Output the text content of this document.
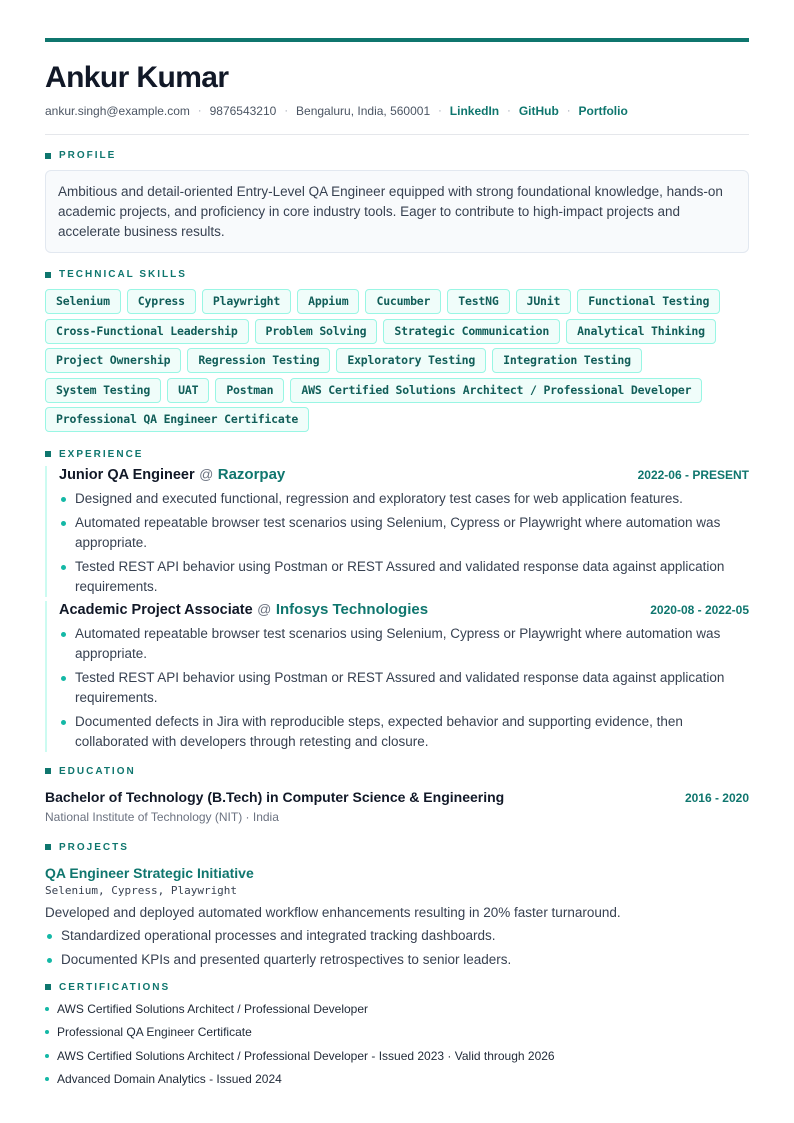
Ankur Kumar
ankur.singh@example.com · 9876543210 · Bengaluru, India, 560001 · LinkedIn · GitHub · Portfolio
PROFILE
Ambitious and detail-oriented Entry-Level QA Engineer equipped with strong foundational knowledge, hands-on academic projects, and proficiency in core industry tools. Eager to contribute to high-impact projects and accelerate business results.
TECHNICAL SKILLS
Selenium	Cypress	Playwright	Appium	Cucumber	TestNG	JUnit	Functional Testing
Cross-Functional Leadership	Problem Solving	Strategic Communication	Analytical Thinking
Project Ownership	Regression Testing	Exploratory Testing	Integration Testing
System Testing	UAT	Postman	AWS Certified Solutions Architect / Professional Developer
Professional QA Engineer Certificate
EXPERIENCE
Junior QA Engineer @ Razorpay	2022-06 - PRESENT
Designed and executed functional, regression and exploratory test cases for web application features.
Automated repeatable browser test scenarios using Selenium, Cypress or Playwright where automation was appropriate.
Tested REST API behavior using Postman or REST Assured and validated response data against application requirements.
Academic Project Associate @ Infosys Technologies	2020-08 - 2022-05
Automated repeatable browser test scenarios using Selenium, Cypress or Playwright where automation was appropriate.
Tested REST API behavior using Postman or REST Assured and validated response data against application requirements.
Documented defects in Jira with reproducible steps, expected behavior and supporting evidence, then collaborated with developers through retesting and closure.
EDUCATION
Bachelor of Technology (B.Tech) in Computer Science & Engineering	2016 - 2020
National Institute of Technology (NIT) · India
PROJECTS
QA Engineer Strategic Initiative
Selenium, Cypress, Playwright
Developed and deployed automated workflow enhancements resulting in 20% faster turnaround.
Standardized operational processes and integrated tracking dashboards.
Documented KPIs and presented quarterly retrospectives to senior leaders.
CERTIFICATIONS
AWS Certified Solutions Architect / Professional Developer
Professional QA Engineer Certificate
AWS Certified Solutions Architect / Professional Developer - Issued 2023 · Valid through 2026
Advanced Domain Analytics - Issued 2024
